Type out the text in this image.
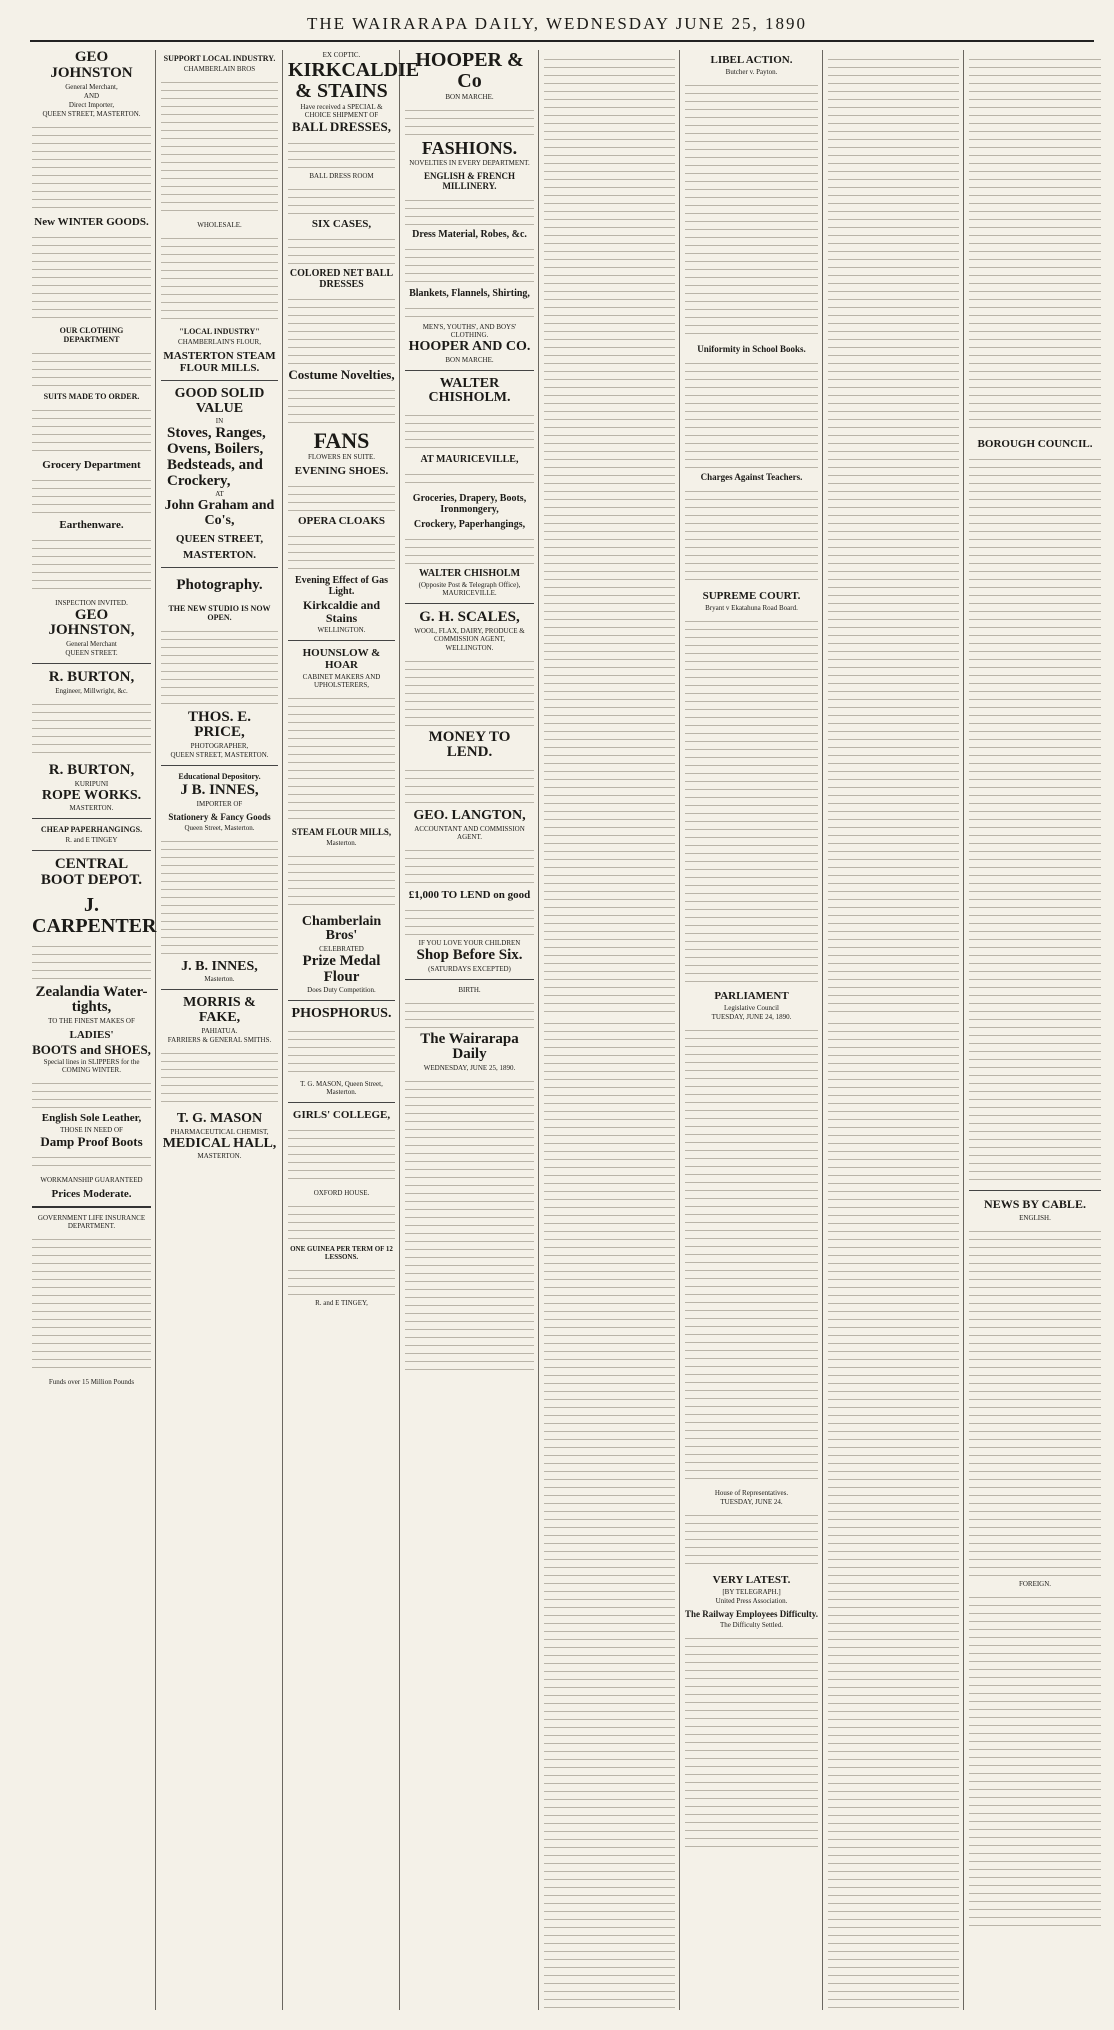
THE WAIRARAPA DAILY, WEDNESDAY JUNE 25, 1890
GEO JOHNSTON
General Merchant,
AND
Direct Importer,
QUEEN STREET, MASTERTON.
New WINTER GOODS.
OUR CLOTHING DEPARTMENT
SUITS MADE TO ORDER.
Grocery Department
Earthenware.
INSPECTION INVITED.
GEO JOHNSTON,
General Merchant
QUEEN STREET.
R. BURTON,
Engineer, Millwright, &c.
R. BURTON,
KURIPUNI
ROPE WORKS.
MASTERTON.
CHEAP PAPERHANGINGS.
R. and E TINGEY
CENTRAL
BOOT DEPOT.
J. CARPENTER
Zealandia Water-tights,
TO THE FINEST MAKES OF
LADIES'
BOOTS and SHOES,
Special lines in SLIPPERS for the COMING WINTER.
English Sole Leather,
THOSE IN NEED OF
Damp Proof Boots
WORKMANSHIP GUARANTEED
Prices Moderate.
GOVERNMENT LIFE INSURANCE DEPARTMENT.
Funds over 15 Million Pounds
SUPPORT LOCAL INDUSTRY.
CHAMBERLAIN BROS
WHOLESALE.
"LOCAL INDUSTRY"
CHAMBERLAIN'S FLOUR,
MASTERTON STEAM FLOUR MILLS.
GOOD SOLID VALUE
IN
Stoves, Ranges, Ovens, Boilers, Bedsteads, and Crockery,
AT
John Graham and Co's,
QUEEN STREET,
MASTERTON.
Photography.
THE NEW STUDIO IS NOW OPEN.
THOS. E. PRICE,
PHOTOGRAPHER,
QUEEN STREET, MASTERTON.
Educational Depository.
J B. INNES,
IMPORTER OF
Stationery & Fancy Goods
Queen Street, Masterton.
J. B. INNES,
Masterton.
MORRIS & FAKE,
PAHIATUA.
FARRIERS & GENERAL SMITHS.
T. G. MASON
PHARMACEUTICAL CHEMIST,
MEDICAL HALL,
MASTERTON.
EX COPTIC.
KIRKCALDIE & STAINS
Have received a SPECIAL & CHOICE SHIPMENT OF
BALL DRESSES,
BALL DRESS ROOM
SIX CASES,
COLORED NET BALL DRESSES
Costume Novelties,
FANS
FLOWERS EN SUITE.
EVENING SHOES.
OPERA CLOAKS
Evening Effect of Gas Light.
Kirkcaldie and Stains
WELLINGTON.
HOUNSLOW & HOAR
CABINET MAKERS AND UPHOLSTERERS,
STEAM FLOUR MILLS,
Masterton.
Chamberlain Bros'
CELEBRATED
Prize Medal Flour
Does Duty Competition.
PHOSPHORUS.
T. G. MASON, Queen Street, Masterton.
GIRLS' COLLEGE,
OXFORD HOUSE.
ONE GUINEA PER TERM OF 12 LESSONS.
R. and E TINGEY,
HOOPER & Co
BON MARCHE.
FASHIONS.
NOVELTIES IN EVERY DEPARTMENT.
ENGLISH & FRENCH MILLINERY.
Dress Material, Robes, &c.
Blankets, Flannels, Shirting,
MEN'S, YOUTHS', AND BOYS' CLOTHING.
HOOPER AND CO.
BON MARCHE.
WALTER CHISHOLM.
AT MAURICEVILLE,
Groceries, Drapery, Boots, Ironmongery,
Crockery, Paperhangings,
WALTER CHISHOLM
(Opposite Post & Telegraph Office), MAURICEVILLE.
G. H. SCALES,
WOOL, FLAX, DAIRY, PRODUCE & COMMISSION AGENT,
WELLINGTON.
MONEY TO LEND.
GEO. LANGTON,
ACCOUNTANT AND COMMISSION AGENT.
£1,000 TO LEND on good
IF YOU LOVE YOUR CHILDREN
Shop Before Six.
(SATURDAYS EXCEPTED)
BIRTH.
The Wairarapa Daily
WEDNESDAY, JUNE 25, 1890.
LIBEL ACTION.
Butcher v. Payton.
Uniformity in School Books.
Charges Against Teachers.
SUPREME COURT.
Bryant v Ekatahuna Road Board.
PARLIAMENT
Legislative Council
TUESDAY, JUNE 24, 1890.
House of Representatives.
TUESDAY, JUNE 24.
VERY LATEST.
[BY TELEGRAPH.]
United Press Association.
The Railway Employees Difficulty.
The Difficulty Settled.
BOROUGH COUNCIL.
NEWS BY CABLE.
ENGLISH.
FOREIGN.
